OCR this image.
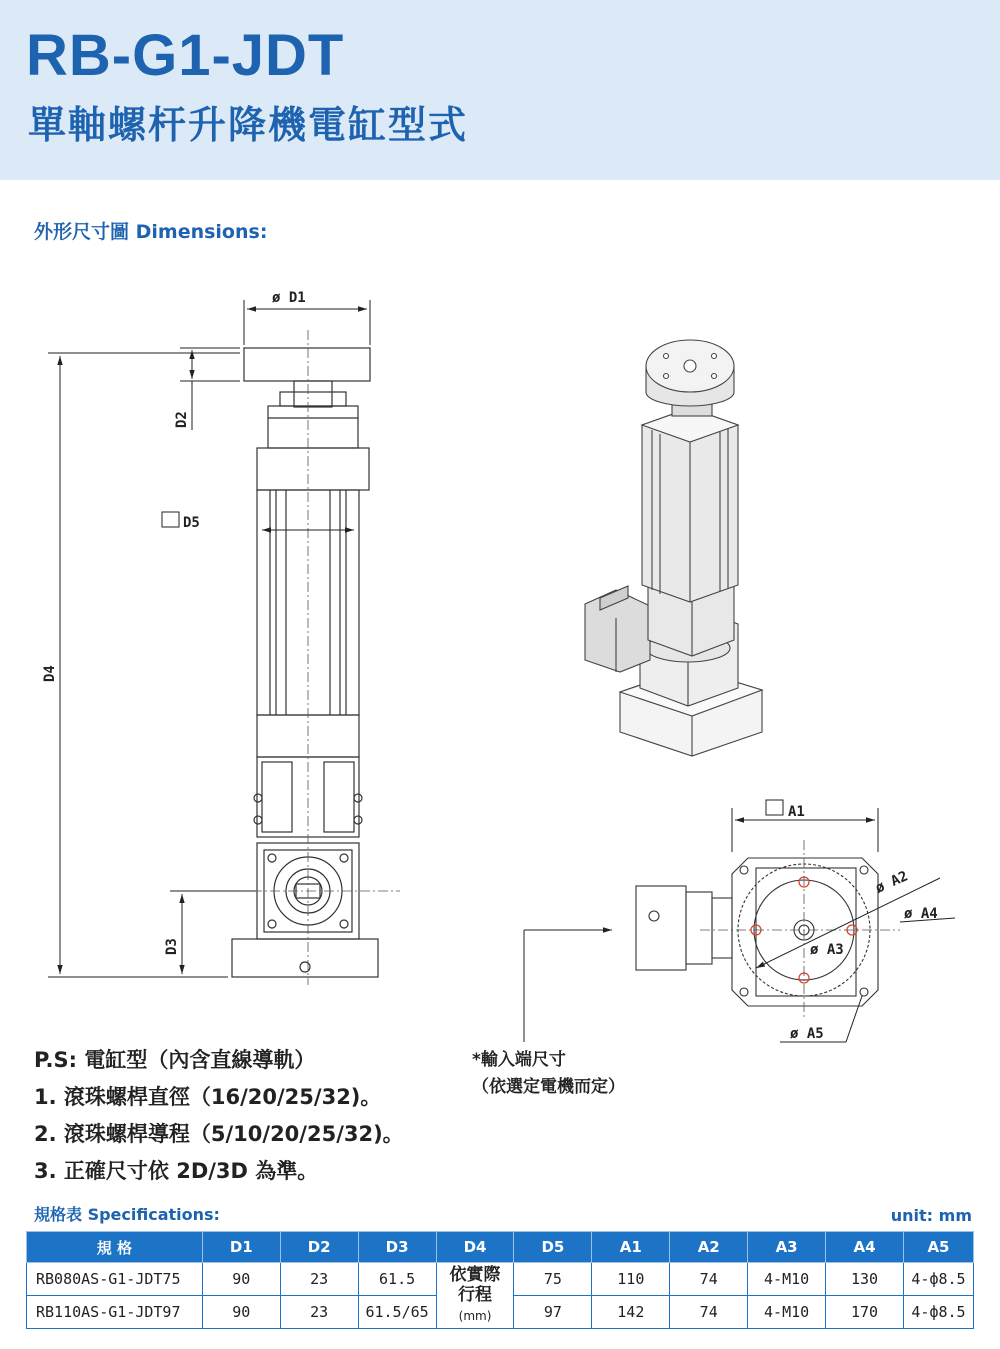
RB-G1-JDT
單軸螺杆升降機電缸型式
外形尺寸圖 Dimensions:
ø D1
D2
D4
D5
D3
A1
ø A2
ø A4
ø A3
ø A5
P.S: 電缸型（內含直線導軌）
1. 滾珠螺桿直徑（16/20/25/32)。
2. 滾珠螺桿導程（5/10/20/25/32)。
3. 正確尺寸依 2D/3D 為準。
*輸入端尺寸
（依選定電機而定）
規格表 Specifications:	unit: mm
規 格	D1	D2	D3	D4	D5	A1	A2	A3	A4	A5
RB080AS-G1-JDT75	90	23	61.5	依實際
行程
(mm)	75	110	74	4-M10	130	4-ф8.5
RB110AS-G1-JDT97	90	23	61.5/65		97	142	74	4-M10	170	4-ф8.5
